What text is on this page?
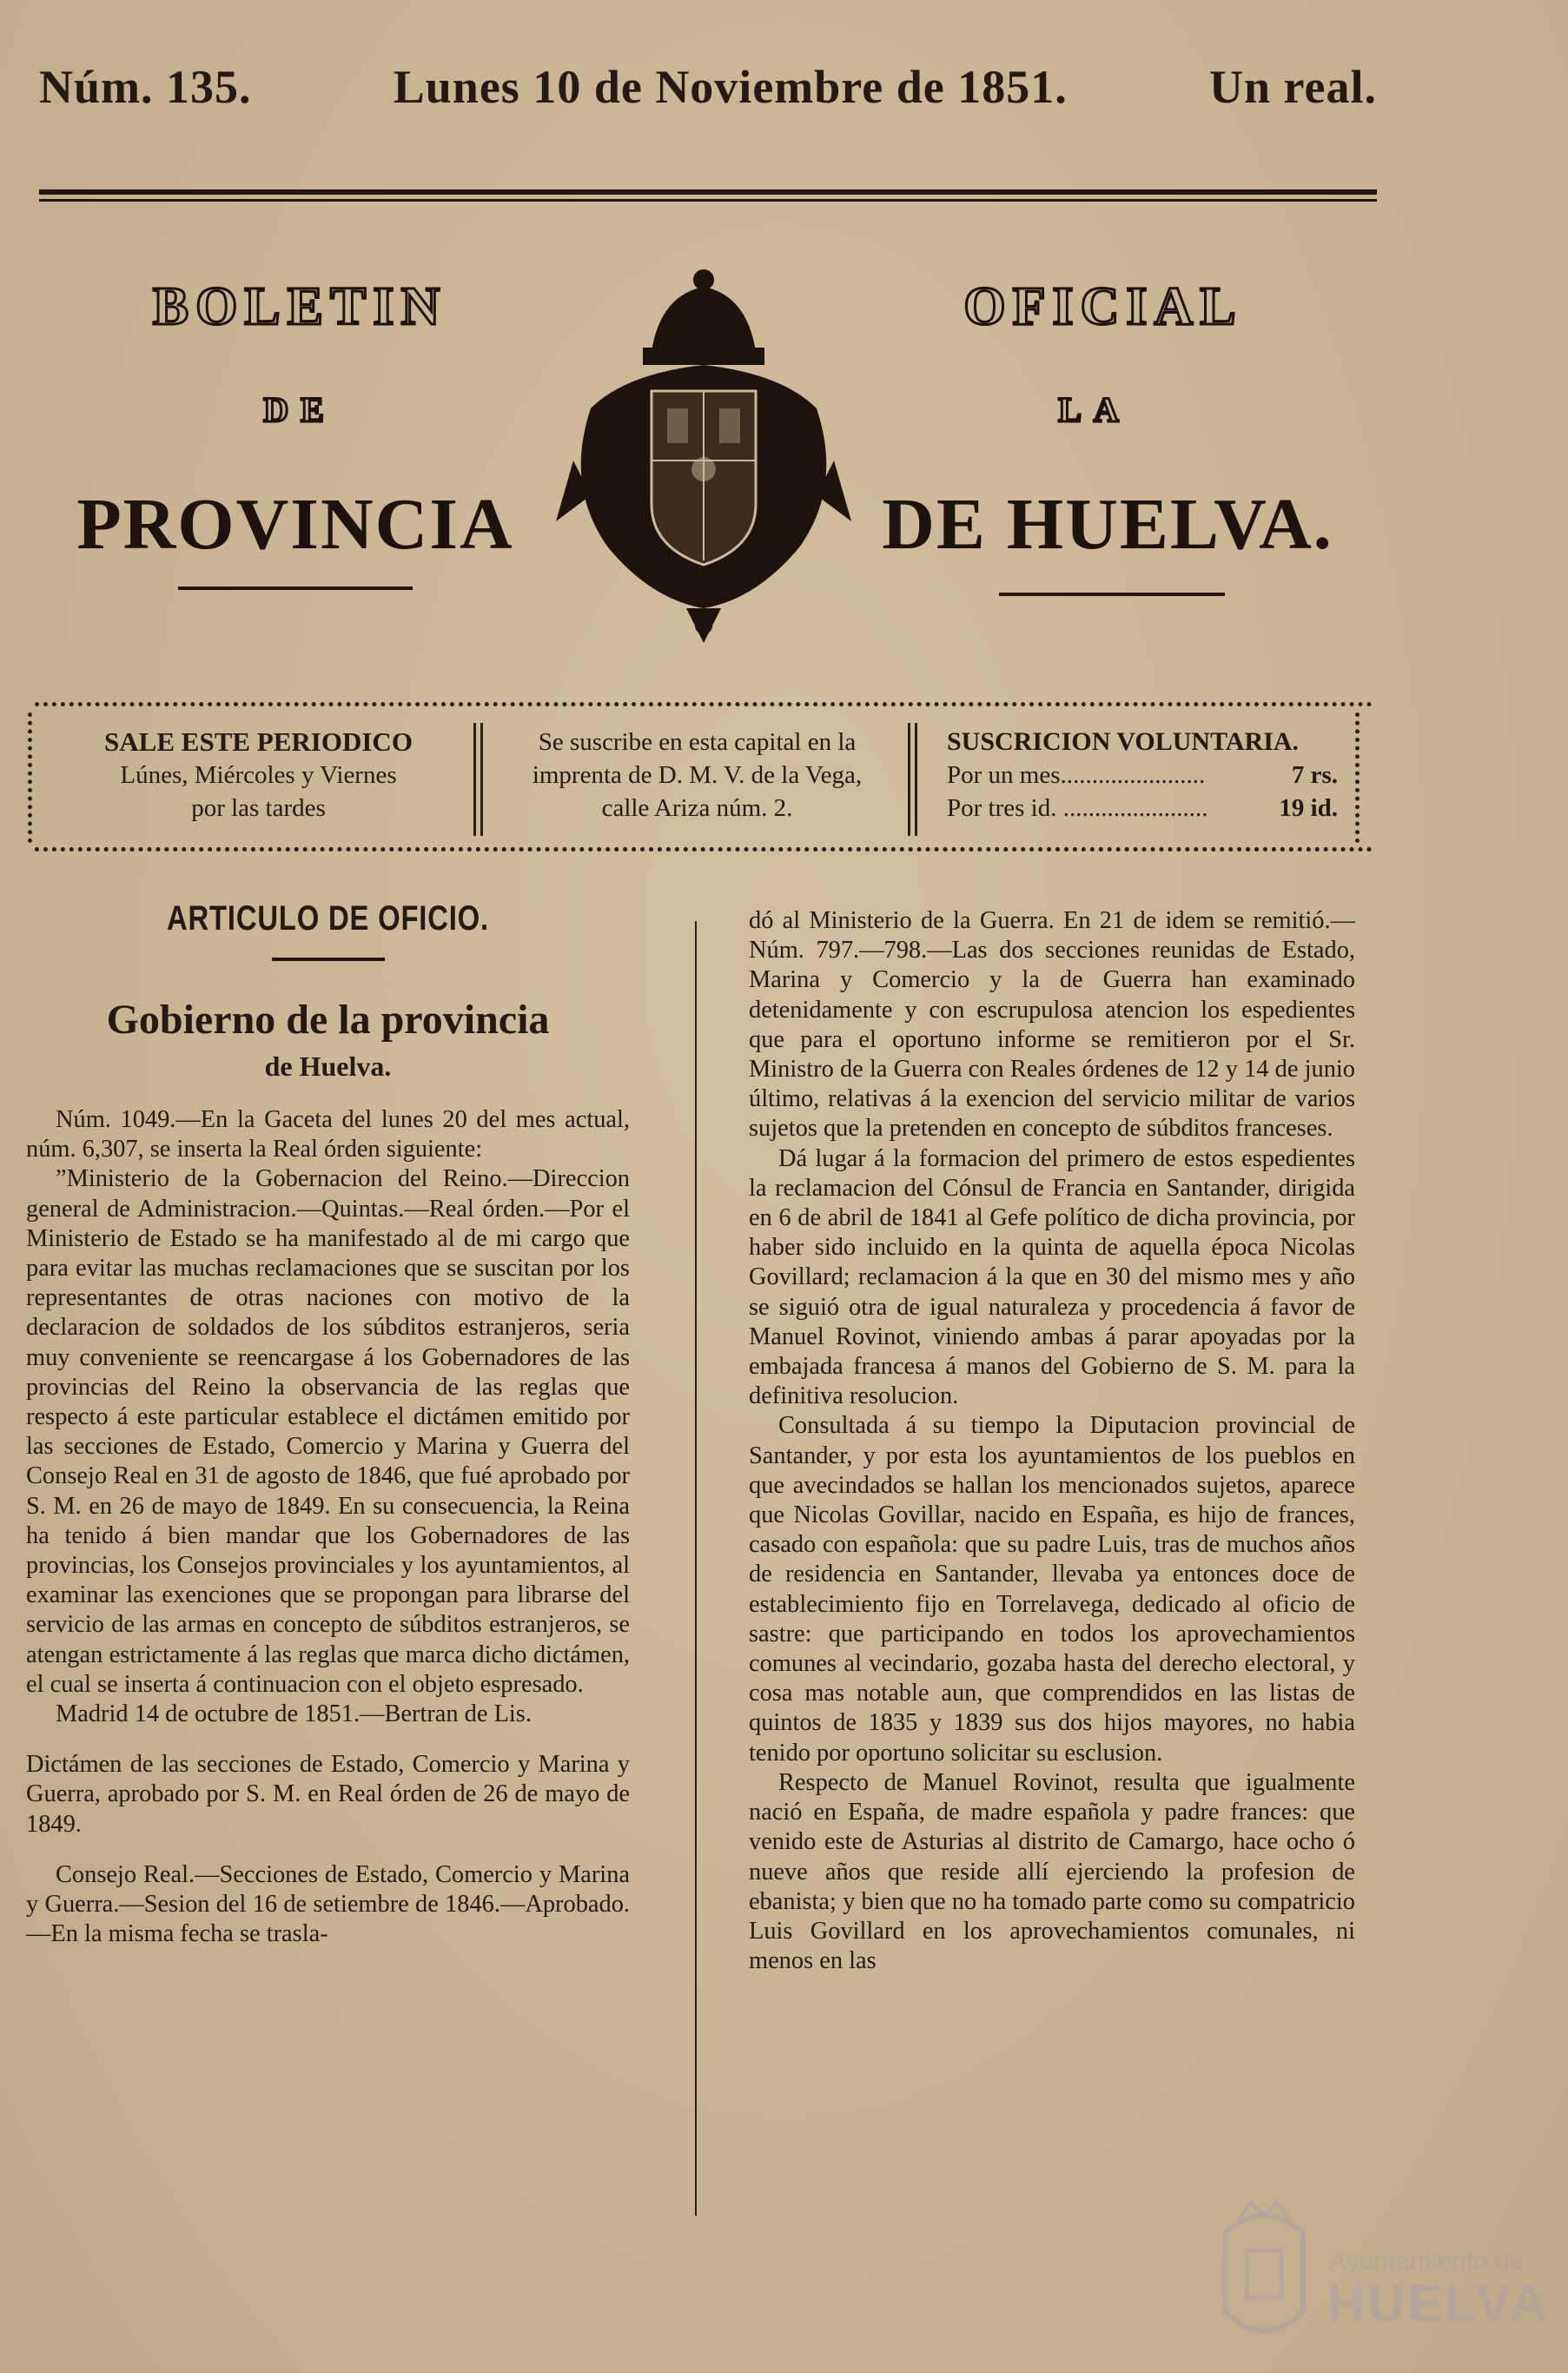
Núm. 135.	Lunes 10 de Noviembre de 1851.	Un real.
BOLETIN	OFICIAL
DE	LA
PROVINCIA	DE HUELVA.
SALE ESTE PERIODICO
Lúnes, Miércoles y Viernes
por las tardes
Se suscribe en esta capital en la
imprenta de D. M. V. de la Vega,
calle Ariza núm. 2.
SUSCRICION VOLUNTARIA.
Por un mes.......................	7 rs.
Por tres id. .......................	19 id.
ARTICULO DE OFICIO.
Gobierno de la provincia
de Huelva.

Núm. 1049.—En la Gaceta del lunes 20 del mes actual, núm. 6,307, se inserta la Real órden siguiente:

”Ministerio de la Gobernacion del Reino.—Direccion general de Administracion.—Quintas.—Real órden.—Por el Ministerio de Estado se ha manifestado al de mi cargo que para evitar las muchas reclamaciones que se suscitan por los representantes de otras naciones con motivo de la declaracion de soldados de los súbditos estranjeros, seria muy conveniente se reencargase á los Gobernadores de las provincias del Reino la observancia de las reglas que respecto á este particular establece el dictámen emitido por las secciones de Estado, Comercio y Marina y Guerra del Consejo Real en 31 de agosto de 1846, que fué aprobado por S. M. en 26 de mayo de 1849. En su consecuencia, la Reina ha tenido á bien mandar que los Gobernadores de las provincias, los Consejos provinciales y los ayuntamientos, al examinar las exenciones que se propongan para librarse del servicio de las armas en concepto de súbditos estranjeros, se atengan estrictamente á las reglas que marca dicho dictámen, el cual se inserta á continuacion con el objeto espresado.

Madrid 14 de octubre de 1851.—Bertran de Lis.

Dictámen de las secciones de Estado, Comercio y Marina y Guerra, aprobado por S. M. en Real órden de 26 de mayo de 1849.

Consejo Real.—Secciones de Estado, Comercio y Marina y Guerra.—Sesion del 16 de setiembre de 1846.—Aprobado.—En la misma fecha se trasla-

dó al Ministerio de la Guerra. En 21 de idem se remitió.—Núm. 797.—798.—Las dos secciones reunidas de Estado, Marina y Comercio y la de Guerra han examinado detenidamente y con escrupulosa atencion los espedientes que para el oportuno informe se remitieron por el Sr. Ministro de la Guerra con Reales órdenes de 12 y 14 de junio último, relativas á la exencion del servicio militar de varios sujetos que la pretenden en concepto de súbditos franceses.

Dá lugar á la formacion del primero de estos espedientes la reclamacion del Cónsul de Francia en Santander, dirigida en 6 de abril de 1841 al Gefe político de dicha provincia, por haber sido incluido en la quinta de aquella época Nicolas Govillard; reclamacion á la que en 30 del mismo mes y año se siguió otra de igual naturaleza y procedencia á favor de Manuel Rovinot, viniendo ambas á parar apoyadas por la embajada francesa á manos del Gobierno de S. M. para la definitiva resolucion.

Consultada á su tiempo la Diputacion provincial de Santander, y por esta los ayuntamientos de los pueblos en que avecindados se hallan los mencionados sujetos, aparece que Nicolas Govillar, nacido en España, es hijo de frances, casado con española: que su padre Luis, tras de muchos años de residencia en Santander, llevaba ya entonces doce de establecimiento fijo en Torrelavega, dedicado al oficio de sastre: que participando en todos los aprovechamientos comunes al vecindario, gozaba hasta del derecho electoral, y cosa mas notable aun, que comprendidos en las listas de quintos de 1835 y 1839 sus dos hijos mayores, no habia tenido por oportuno solicitar su esclusion.

Respecto de Manuel Rovinot, resulta que igualmente nació en España, de madre española y padre frances: que venido este de Asturias al distrito de Camargo, hace ocho ó nueve años que reside allí ejerciendo la profesion de ebanista; y bien que no ha tomado parte como su compatricio Luis Govillard en los aprovechamientos comunales, ni menos en las

Ayuntamiento de
HUELVA
